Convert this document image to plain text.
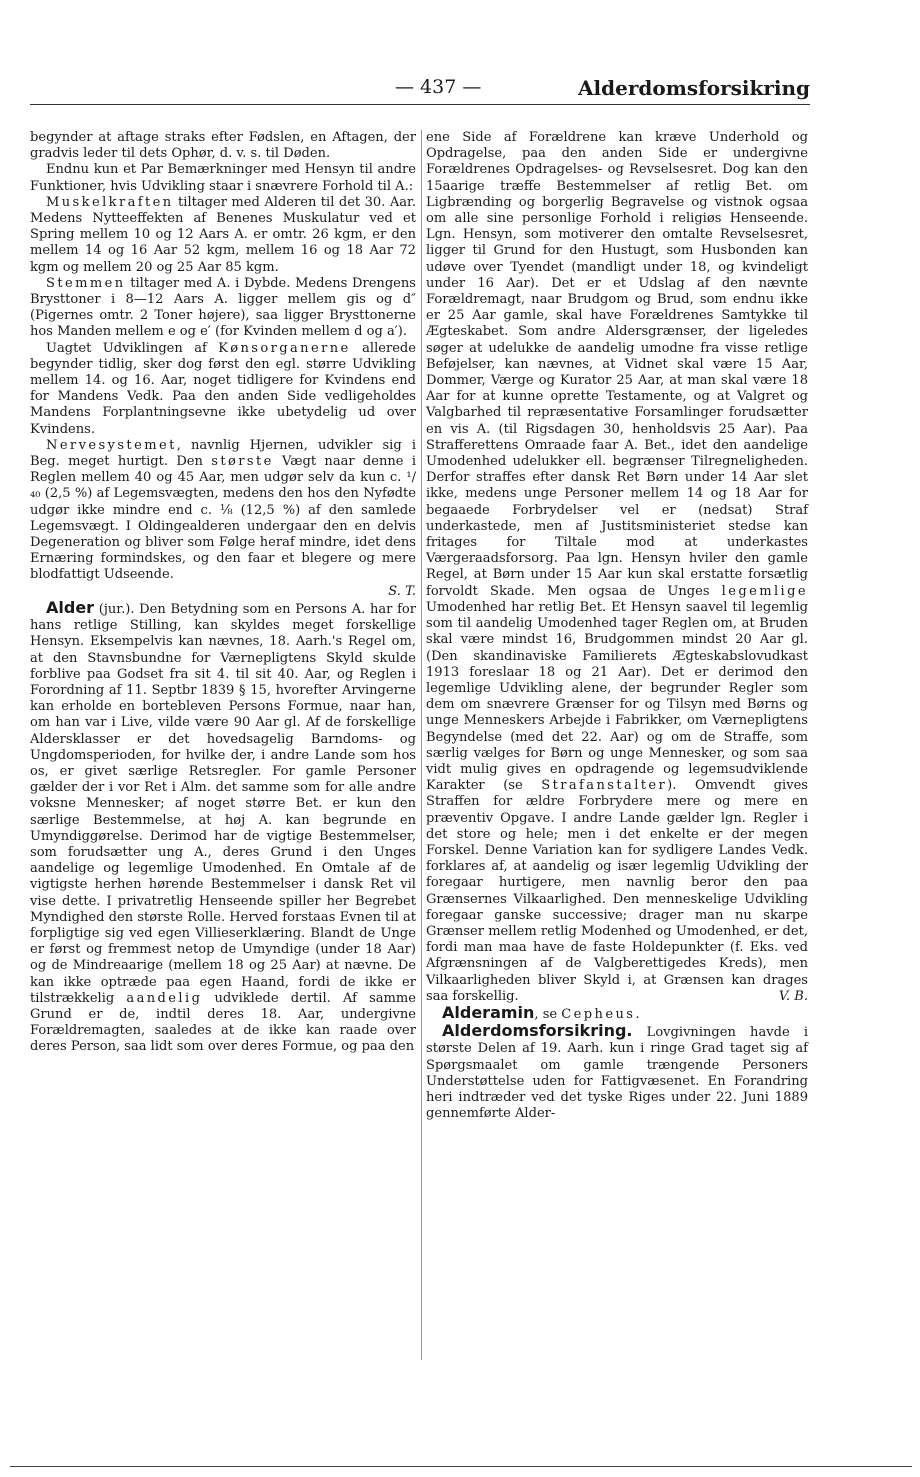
— 437 —	Alderdomsforsikring

begynder at aftage straks efter Fødslen, en Aftagen, der gradvis leder til dets Ophør, d. v. s. til Døden.

Endnu kun et Par Bemærkninger med Hensyn til andre Funktioner, hvis Udvikling staar i snævrere Forhold til A.:

Muskelkraften tiltager med Alderen til det 30. Aar. Medens Nytteeffekten af Benenes Muskulatur ved et Spring mellem 10 og 12 Aars A. er omtr. 26 kgm, er den mellem 14 og 16 Aar 52 kgm, mellem 16 og 18 Aar 72 kgm og mellem 20 og 25 Aar 85 kgm.

Stemmen tiltager med A. i Dybde. Medens Drengens Brysttoner i 8—12 Aars A. ligger mellem gis og d″ (Pigernes omtr. 2 Toner højere), saa ligger Brysttonerne hos Manden mellem e og e′ (for Kvinden mellem d og a′).

Uagtet Udviklingen af Kønsorganerne allerede begynder tidlig, sker dog først den egl. større Udvikling mellem 14. og 16. Aar, noget tidligere for Kvindens end for Mandens Vedk. Paa den anden Side vedligeholdes Mandens Forplantningsevne ikke ubetydelig ud over Kvindens.

Nervesystemet, navnlig Hjernen, udvikler sig i Beg. meget hurtigt. Den største Vægt naar denne i Reglen mellem 40 og 45 Aar, men udgør selv da kun c. ¹/₄₀ (2,5 %) af Legemsvægten, medens den hos den Nyfødte udgør ikke mindre end c. ⅛ (12,5 %) af den samlede Legemsvægt. I Oldingealderen undergaar den en delvis Degeneration og bliver som Følge heraf mindre, idet dens Ernæring formindskes, og den faar et blegere og mere blodfattigt Udseende.

S. T.

Alder (jur.). Den Betydning som en Persons A. har for hans retlige Stilling, kan skyldes meget forskellige Hensyn. Eksempelvis kan nævnes, 18. Aarh.'s Regel om, at den Stavnsbundne for Værnepligtens Skyld skulde forblive paa Godset fra sit 4. til sit 40. Aar, og Reglen i Forordning af 11. Septbr 1839 § 15, hvorefter Arvingerne kan erholde en bortebleven Persons Formue, naar han, om han var i Live, vilde være 90 Aar gl. Af de forskellige Aldersklasser er det hovedsagelig Barndoms- og Ungdomsperioden, for hvilke der, i andre Lande som hos os, er givet særlige Retsregler. For gamle Personer gælder der i vor Ret i Alm. det samme som for alle andre voksne Mennesker; af noget større Bet. er kun den særlige Bestemmelse, at høj A. kan begrunde en Umyndiggørelse. Derimod har de vigtige Bestemmelser, som forudsætter ung A., deres Grund i den Unges aandelige og legemlige Umodenhed. En Omtale af de vigtigste herhen hørende Bestemmelser i dansk Ret vil vise dette. I privatretlig Henseende spiller her Begrebet Myndighed den største Rolle. Herved forstaas Evnen til at forpligtige sig ved egen Villieserklæring. Blandt de Unge er først og fremmest netop de Umyndige (under 18 Aar) og de Mindreaarige (mellem 18 og 25 Aar) at nævne. De kan ikke optræde paa egen Haand, fordi de ikke er tilstrækkelig aandelig udviklede dertil. Af samme Grund er de, indtil deres 18. Aar, undergivne Forældremagten, saaledes at de ikke kan raade over deres Person, saa lidt som over deres Formue, og paa den

ene Side af Forældrene kan kræve Underhold og Opdragelse, paa den anden Side er undergivne Forældrenes Opdragelses- og Revselsesret. Dog kan den 15aarige træffe Bestemmelser af retlig Bet. om Ligbrænding og borgerlig Begravelse og vistnok ogsaa om alle sine personlige Forhold i religiøs Henseende. Lgn. Hensyn, som motiverer den omtalte Revselsesret, ligger til Grund for den Hustugt, som Husbonden kan udøve over Tyendet (mandligt under 18, og kvindeligt under 16 Aar). Det er et Udslag af den nævnte Forældremagt, naar Brudgom og Brud, som endnu ikke er 25 Aar gamle, skal have Forældrenes Samtykke til Ægteskabet. Som andre Aldersgrænser, der ligeledes søger at udelukke de aandelig umodne fra visse retlige Beføjelser, kan nævnes, at Vidnet skal være 15 Aar, Dommer, Værge og Kurator 25 Aar, at man skal være 18 Aar for at kunne oprette Testamente, og at Valgret og Valgbarhed til repræsentative Forsamlinger forudsætter en vis A. (til Rigsdagen 30, henholdsvis 25 Aar). Paa Strafferettens Omraade faar A. Bet., idet den aandelige Umodenhed udelukker ell. begrænser Tilregneligheden. Derfor straffes efter dansk Ret Børn under 14 Aar slet ikke, medens unge Personer mellem 14 og 18 Aar for begaaede Forbrydelser vel er (nedsat) Straf underkastede, men af Justitsministeriet stedse kan fritages for Tiltale mod at underkastes Værgeraadsforsorg. Paa lgn. Hensyn hviler den gamle Regel, at Børn under 15 Aar kun skal erstatte forsætlig forvoldt Skade. Men ogsaa de Unges legemlige Umodenhed har retlig Bet. Et Hensyn saavel til legemlig som til aandelig Umodenhed tager Reglen om, at Bruden skal være mindst 16, Brudgommen mindst 20 Aar gl. (Den skandinaviske Familierets Ægteskabslovudkast 1913 foreslaar 18 og 21 Aar). Det er derimod den legemlige Udvikling alene, der begrunder Regler som dem om snævrere Grænser for og Tilsyn med Børns og unge Menneskers Arbejde i Fabrikker, om Værnepligtens Begyndelse (med det 22. Aar) og om de Straffe, som særlig vælges for Børn og unge Mennesker, og som saa vidt mulig gives en opdragende og legemsudviklende Karakter (se Strafanstalter). Omvendt gives Straffen for ældre Forbrydere mere og mere en præventiv Opgave. I andre Lande gælder lgn. Regler i det store og hele; men i det enkelte er der megen Forskel. Denne Variation kan for sydligere Landes Vedk. forklares af, at aandelig og især legemlig Udvikling der foregaar hurtigere, men navnlig beror den paa Grænsernes Vilkaarlighed. Den menneskelige Udvikling foregaar ganske successive; drager man nu skarpe Grænser mellem retlig Modenhed og Umodenhed, er det, fordi man maa have de faste Holdepunkter (f. Eks. ved Afgrænsningen af de Valgberettigedes Kreds), men Vilkaarligheden bliver Skyld i, at Grænsen kan drages saa forskellig.	V. B.

Alderamin, se Cepheus.

Alderdomsforsikring. Lovgivningen havde i største Delen af 19. Aarh. kun i ringe Grad taget sig af Spørgsmaalet om gamle trængende Personers Understøttelse uden for Fattigvæsenet. En Forandring heri indtræder ved det tyske Riges under 22. Juni 1889 gennemførte Alder-
